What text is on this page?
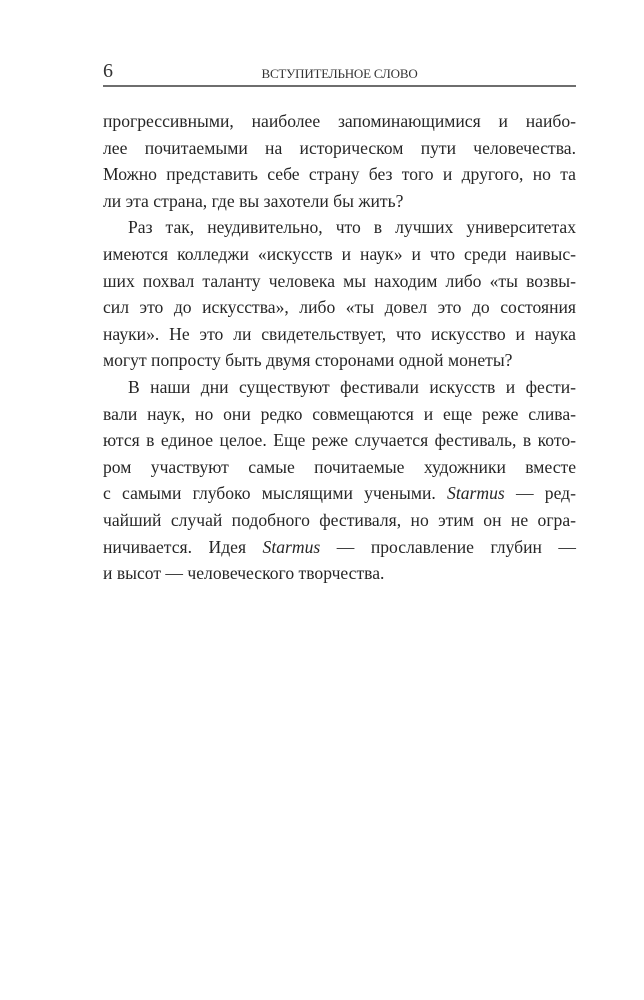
6	ВСТУПИТЕЛЬНОЕ СЛОВО
прогрессивными, наиболее запоминающимися и наибо-
лее почитаемыми на историческом пути человечества.
Можно представить себе страну без того и другого, но та
ли эта страна, где вы захотели бы жить?
Раз так, неудивительно, что в лучших университетах
имеются колледжи «искусств и наук» и что среди наивыс-
ших похвал таланту человека мы находим либо «ты возвы-
сил это до искусства», либо «ты довел это до состояния
науки». Не это ли свидетельствует, что искусство и наука
могут попросту быть двумя сторонами одной монеты?
В наши дни существуют фестивали искусств и фести-
вали наук, но они редко совмещаются и еще реже слива-
ются в единое целое. Еще реже случается фестиваль, в кото-
ром участвуют самые почитаемые художники вместе
с самыми глубоко мыслящими учеными. Starmus — ред-
чайший случай подобного фестиваля, но этим он не огра-
ничивается. Идея Starmus — прославление глубин —
и высот — человеческого творчества.
